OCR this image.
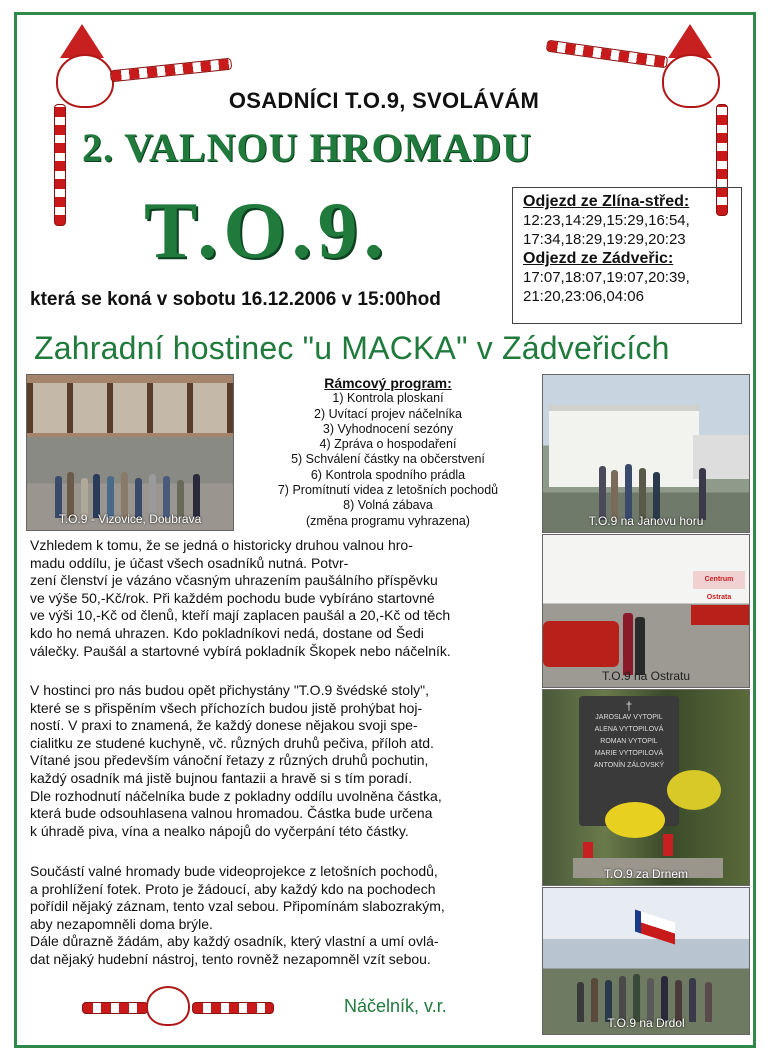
OSADNÍCI T.O.9, SVOLÁVÁM
2. VALNOU HROMADU
T.O.9.
která se koná v sobotu 16.12.2006 v 15:00hod
Odjezd ze Zlína-střed:
12:23,14:29,15:29,16:54,
17:34,18:29,19:29,20:23
Odjezd ze Zádveřic:
17:07,18:07,19:07,20:39,
21:20,23:06,04:06
Zahradní hostinec "u MACKA" v Zádveřicích
T.O.9 - Vizovice, Doubrava
Rámcový program:
1) Kontrola ploskaní
2) Uvítací projev náčelníka
3) Vyhodnocení sezóny
4) Zpráva o hospodaření
5) Schválení částky na občerstvení
6) Kontrola spodního prádla
7) Promítnutí videa z letošních pochodů
8) Volná zábava
(změna programu vyhrazena)	T.O.9 na Janovu horu
Centrum Ostrata
T.O.9 na Ostratu
†
JAROSLAV VYTOPIL
ALENA VYTOPILOVÁ
ROMAN VYTOPIL
MARIE VYTOPILOVÁ
ANTONÍN ZÁLOVSKÝ
T.O.9 za Drnem
T.O.9 na Drdol
Vzhledem k tomu, že se jedná o historicky druhou valnou hro-
madu oddílu, je účast všech osadníků nutná. Potvr-
zení členství je vázáno včasným uhrazením paušálního příspěvku
ve výše 50,-Kč/rok. Při každém pochodu bude vybíráno startovné
ve výši 10,-Kč od členů, kteří mají zaplacen paušál a 20,-Kč od těch
kdo ho nemá uhrazen. Kdo pokladníkovi nedá, dostane od Šedi
válečky. Paušál a startovné vybírá pokladník Škopek nebo náčelník.
V hostinci pro nás budou opět přichystány "T.O.9 švédské stoly",
které se s přispěním všech příchozích budou jistě prohýbat hoj-
ností. V praxi to znamená, že každý donese nějakou svoji spe-
cialitku ze studené kuchyně, vč. různých druhů pečiva, příloh atd.
Vítané jsou především vánoční řetazy z různých druhů pochutin,
každý osadník má jistě bujnou fantazii a hravě si s tím poradí.
Dle rozhodnutí náčelníka bude z pokladny oddílu uvolněna částka,
která bude odsouhlasena valnou hromadou. Částka bude určena
k úhradě piva, vína a nealko nápojů do vyčerpání této částky.
Součástí valné hromady bude videoprojekce z letošních pochodů,
a prohlížení fotek. Proto je žádoucí, aby každý kdo na pochodech
pořídil nějaký záznam, tento vzal sebou. Připomínám slabozrakým,
aby nezapomněli doma brýle.
Dále důrazně žádám, aby každý osadník, který vlastní a umí ovlá-
dat nějaký hudební nástroj, tento rovněž nezapomněl vzít sebou.
Náčelník, v.r.
